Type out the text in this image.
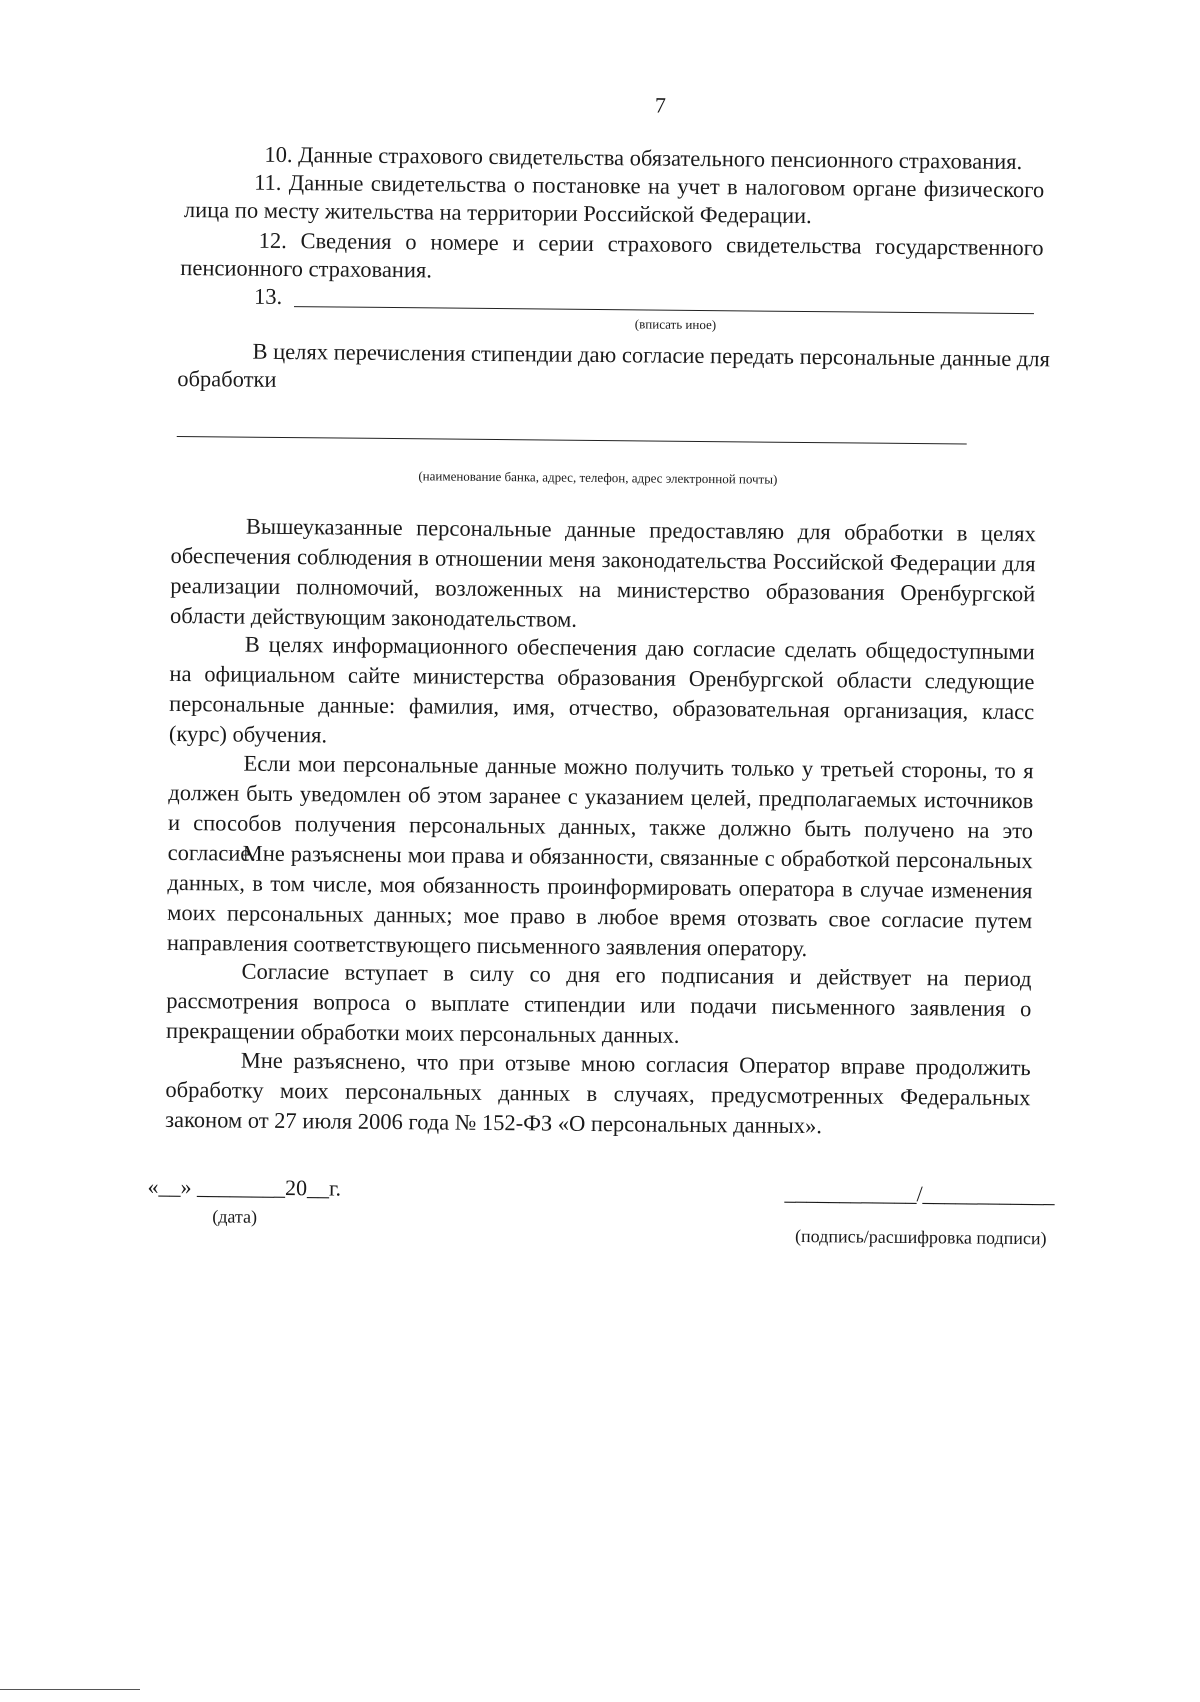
7
10. Данные страхового свидетельства обязательного пенсионного страхования.
11. Данные свидетельства о постановке на учет в налоговом органе физического
лица по месту жительства на территории Российской Федерации.
12. Сведения о номере и серии страхового свидетельства государственного
пенсионного страхования.
13.
(вписать иное)
В целях перечисления стипендии даю согласие передать персональные данные для
обработки
(наименование банка, адрес, телефон, адрес электронной почты)
Вышеуказанные персональные данные предоставляю для обработки в целях обеспечения соблюдения в отношении меня законодательства Российской Федерации для реализации полномочий, возложенных на министерство образования Оренбургской области действующим законодательством.
В целях информационного обеспечения даю согласие сделать общедоступными на официальном сайте министерства образования Оренбургской области следующие персональные данные: фамилия, имя, отчество, образовательная организация, класс (курс) обучения.
Если мои персональные данные можно получить только у третьей стороны, то я должен быть уведомлен об этом заранее с указанием целей, предполагаемых источников и способов получения персональных данных, также должно быть получено на это согласие.
Мне разъяснены мои права и обязанности, связанные с обработкой персональных данных, в том числе, моя обязанность проинформировать оператора в случае изменения моих персональных данных; мое право в любое время отозвать свое согласие путем направления соответствующего письменного заявления оператору.
Согласие вступает в силу со дня его подписания и действует на период рассмотрения вопроса о выплате стипендии или подачи письменного заявления о прекращении обработки моих персональных данных.
Мне разъяснено, что при отзыве мною согласия Оператор вправе продолжить обработку моих персональных данных в случаях, предусмотренных Федеральных законом от 27 июля 2006 года № 152-ФЗ «О персональных данных».
«__» ________20__г.
(дата)
____________/____________
(подпись/расшифровка подписи)
